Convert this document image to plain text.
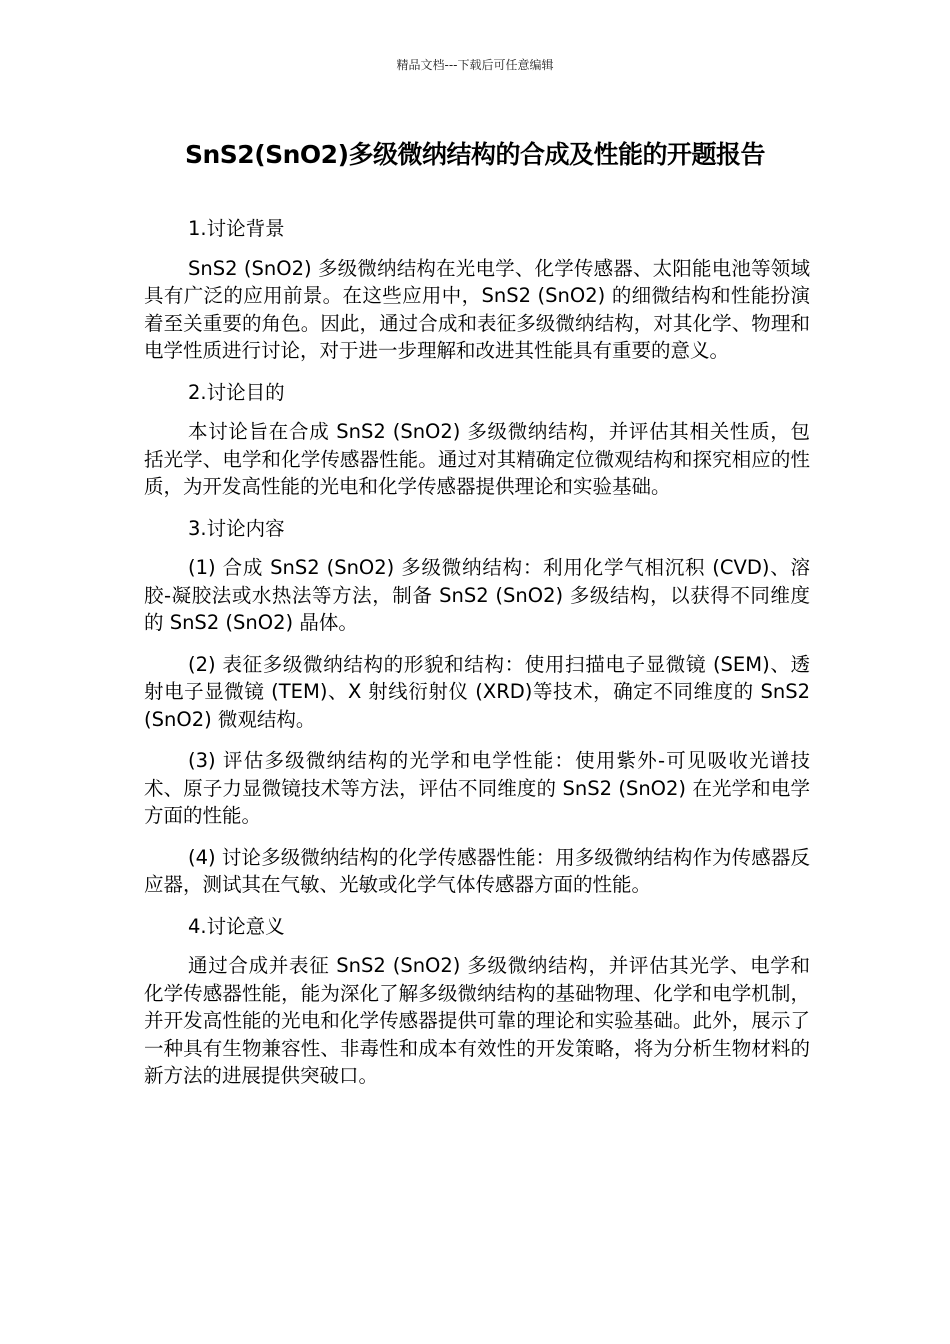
精品文档---下载后可任意编辑
SnS2(SnO2)多级微纳结构的合成及性能的开题报告

1.讨论背景

SnS2 (SnO2) 多级微纳结构在光电学、化学传感器、太阳能电池等领域具有广泛的应用前景。在这些应用中，SnS2 (SnO2) 的细微结构和性能扮演着至关重要的角色。因此，通过合成和表征多级微纳结构，对其化学、物理和电学性质进行讨论，对于进一步理解和改进其性能具有重要的意义。

2.讨论目的

本讨论旨在合成 SnS2 (SnO2) 多级微纳结构，并评估其相关性质，包括光学、电学和化学传感器性能。通过对其精确定位微观结构和探究相应的性质，为开发高性能的光电和化学传感器提供理论和实验基础。

3.讨论内容

(1) 合成 SnS2 (SnO2) 多级微纳结构：利用化学气相沉积 (CVD)、溶胶-凝胶法或水热法等方法，制备 SnS2 (SnO2) 多级结构，以获得不同维度的 SnS2 (SnO2) 晶体。

(2) 表征多级微纳结构的形貌和结构：使用扫描电子显微镜 (SEM)、透射电子显微镜 (TEM)、X 射线衍射仪 (XRD)等技术，确定不同维度的 SnS2 (SnO2) 微观结构。

(3) 评估多级微纳结构的光学和电学性能：使用紫外-可见吸收光谱技术、原子力显微镜技术等方法，评估不同维度的 SnS2 (SnO2) 在光学和电学方面的性能。

(4) 讨论多级微纳结构的化学传感器性能：用多级微纳结构作为传感器反应器，测试其在气敏、光敏或化学气体传感器方面的性能。

4.讨论意义

通过合成并表征 SnS2 (SnO2) 多级微纳结构，并评估其光学、电学和化学传感器性能，能为深化了解多级微纳结构的基础物理、化学和电学机制，并开发高性能的光电和化学传感器提供可靠的理论和实验基础。此外，展示了一种具有生物兼容性、非毒性和成本有效性的开发策略，将为分析生物材料的新方法的进展提供突破口。
